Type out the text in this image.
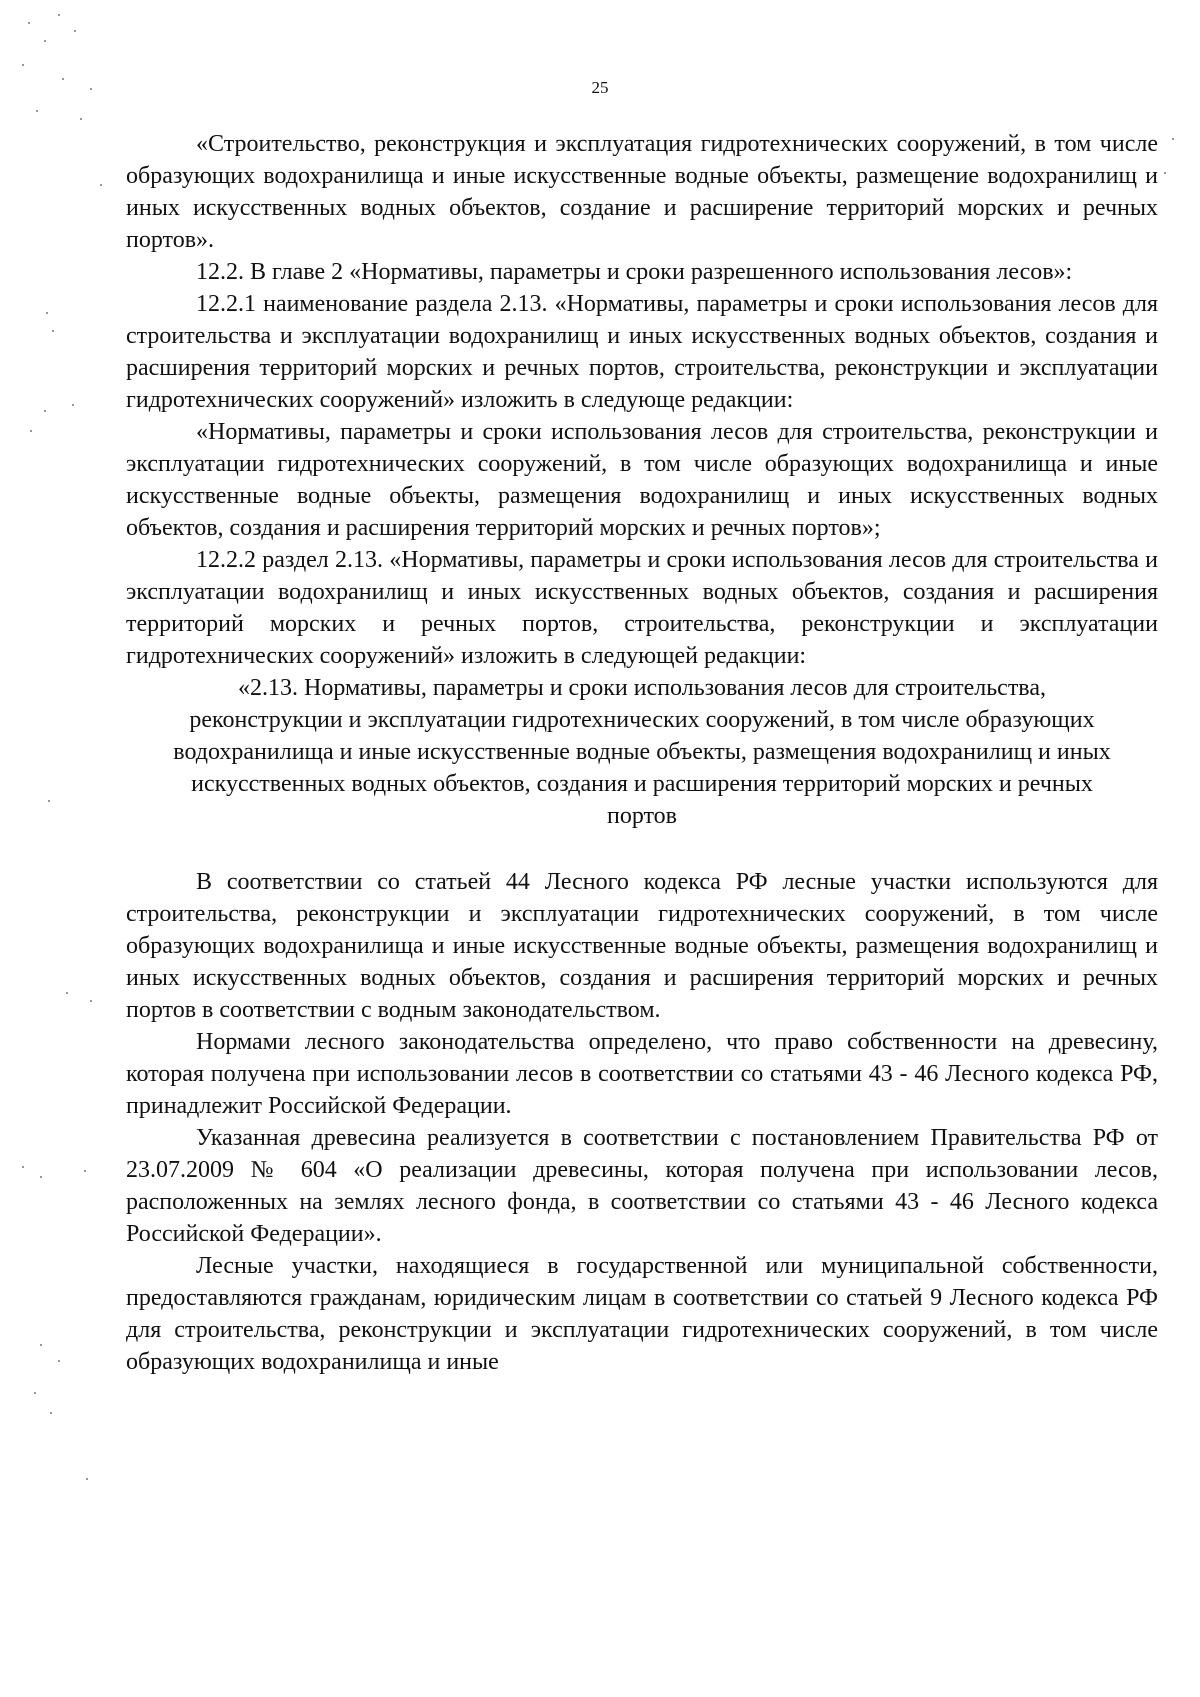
25

«Строительство, реконструкция и эксплуатация гидротехнических сооружений, в том числе образующих водохранилища и иные искусственные водные объекты, размещение водохранилищ и иных искусственных водных объектов, создание и расширение территорий морских и речных портов».

12.2. В главе 2 «Нормативы, параметры и сроки разрешенного использования лесов»:

12.2.1 наименование раздела 2.13. «Нормативы, параметры и сроки использования лесов для строительства и эксплуатации водохранилищ и иных искусственных водных объектов, создания и расширения территорий морских и речных портов, строительства, реконструкции и эксплуатации гидротехнических сооружений» изложить в следующе редакции:

«Нормативы, параметры и сроки использования лесов для строительства, реконструкции и эксплуатации гидротехнических сооружений, в том числе образующих водохранилища и иные искусственные водные объекты, размещения водохранилищ и иных искусственных водных объектов, создания и расширения территорий морских и речных портов»;

12.2.2 раздел 2.13. «Нормативы, параметры и сроки использования лесов для строительства и эксплуатации водохранилищ и иных искусственных водных объектов, создания и расширения территорий морских и речных портов, строительства, реконструкции и эксплуатации гидротехнических сооружений» изложить в следующей редакции:

«2.13. Нормативы, параметры и сроки использования лесов для строительства, реконструкции и эксплуатации гидротехнических сооружений, в том числе образующих водохранилища и иные искусственные водные объекты, размещения водохранилищ и иных искусственных водных объектов, создания и расширения территорий морских и речных портов

В соответствии со статьей 44 Лесного кодекса РФ лесные участки используются для строительства, реконструкции и эксплуатации гидротехнических сооружений, в том числе образующих водохранилища и иные искусственные водные объекты, размещения водохранилищ и иных искусственных водных объектов, создания и расширения территорий морских и речных портов в соответствии с водным законодательством.

Нормами лесного законодательства определено, что право собственности на древесину, которая получена при использовании лесов в соответствии со статьями 43 - 46 Лесного кодекса РФ, принадлежит Российской Федерации.

Указанная древесина реализуется в соответствии с постановлением Правительства РФ от 23.07.2009 № 604 «О реализации древесины, которая получена при использовании лесов, расположенных на землях лесного фонда, в соответствии со статьями 43 - 46 Лесного кодекса Российской Федерации».

Лесные участки, находящиеся в государственной или муниципальной собственности, предоставляются гражданам, юридическим лицам в соответствии со статьей 9 Лесного кодекса РФ для строительства, реконструкции и эксплуатации гидротехнических сооружений, в том числе образующих водохранилища и иные
